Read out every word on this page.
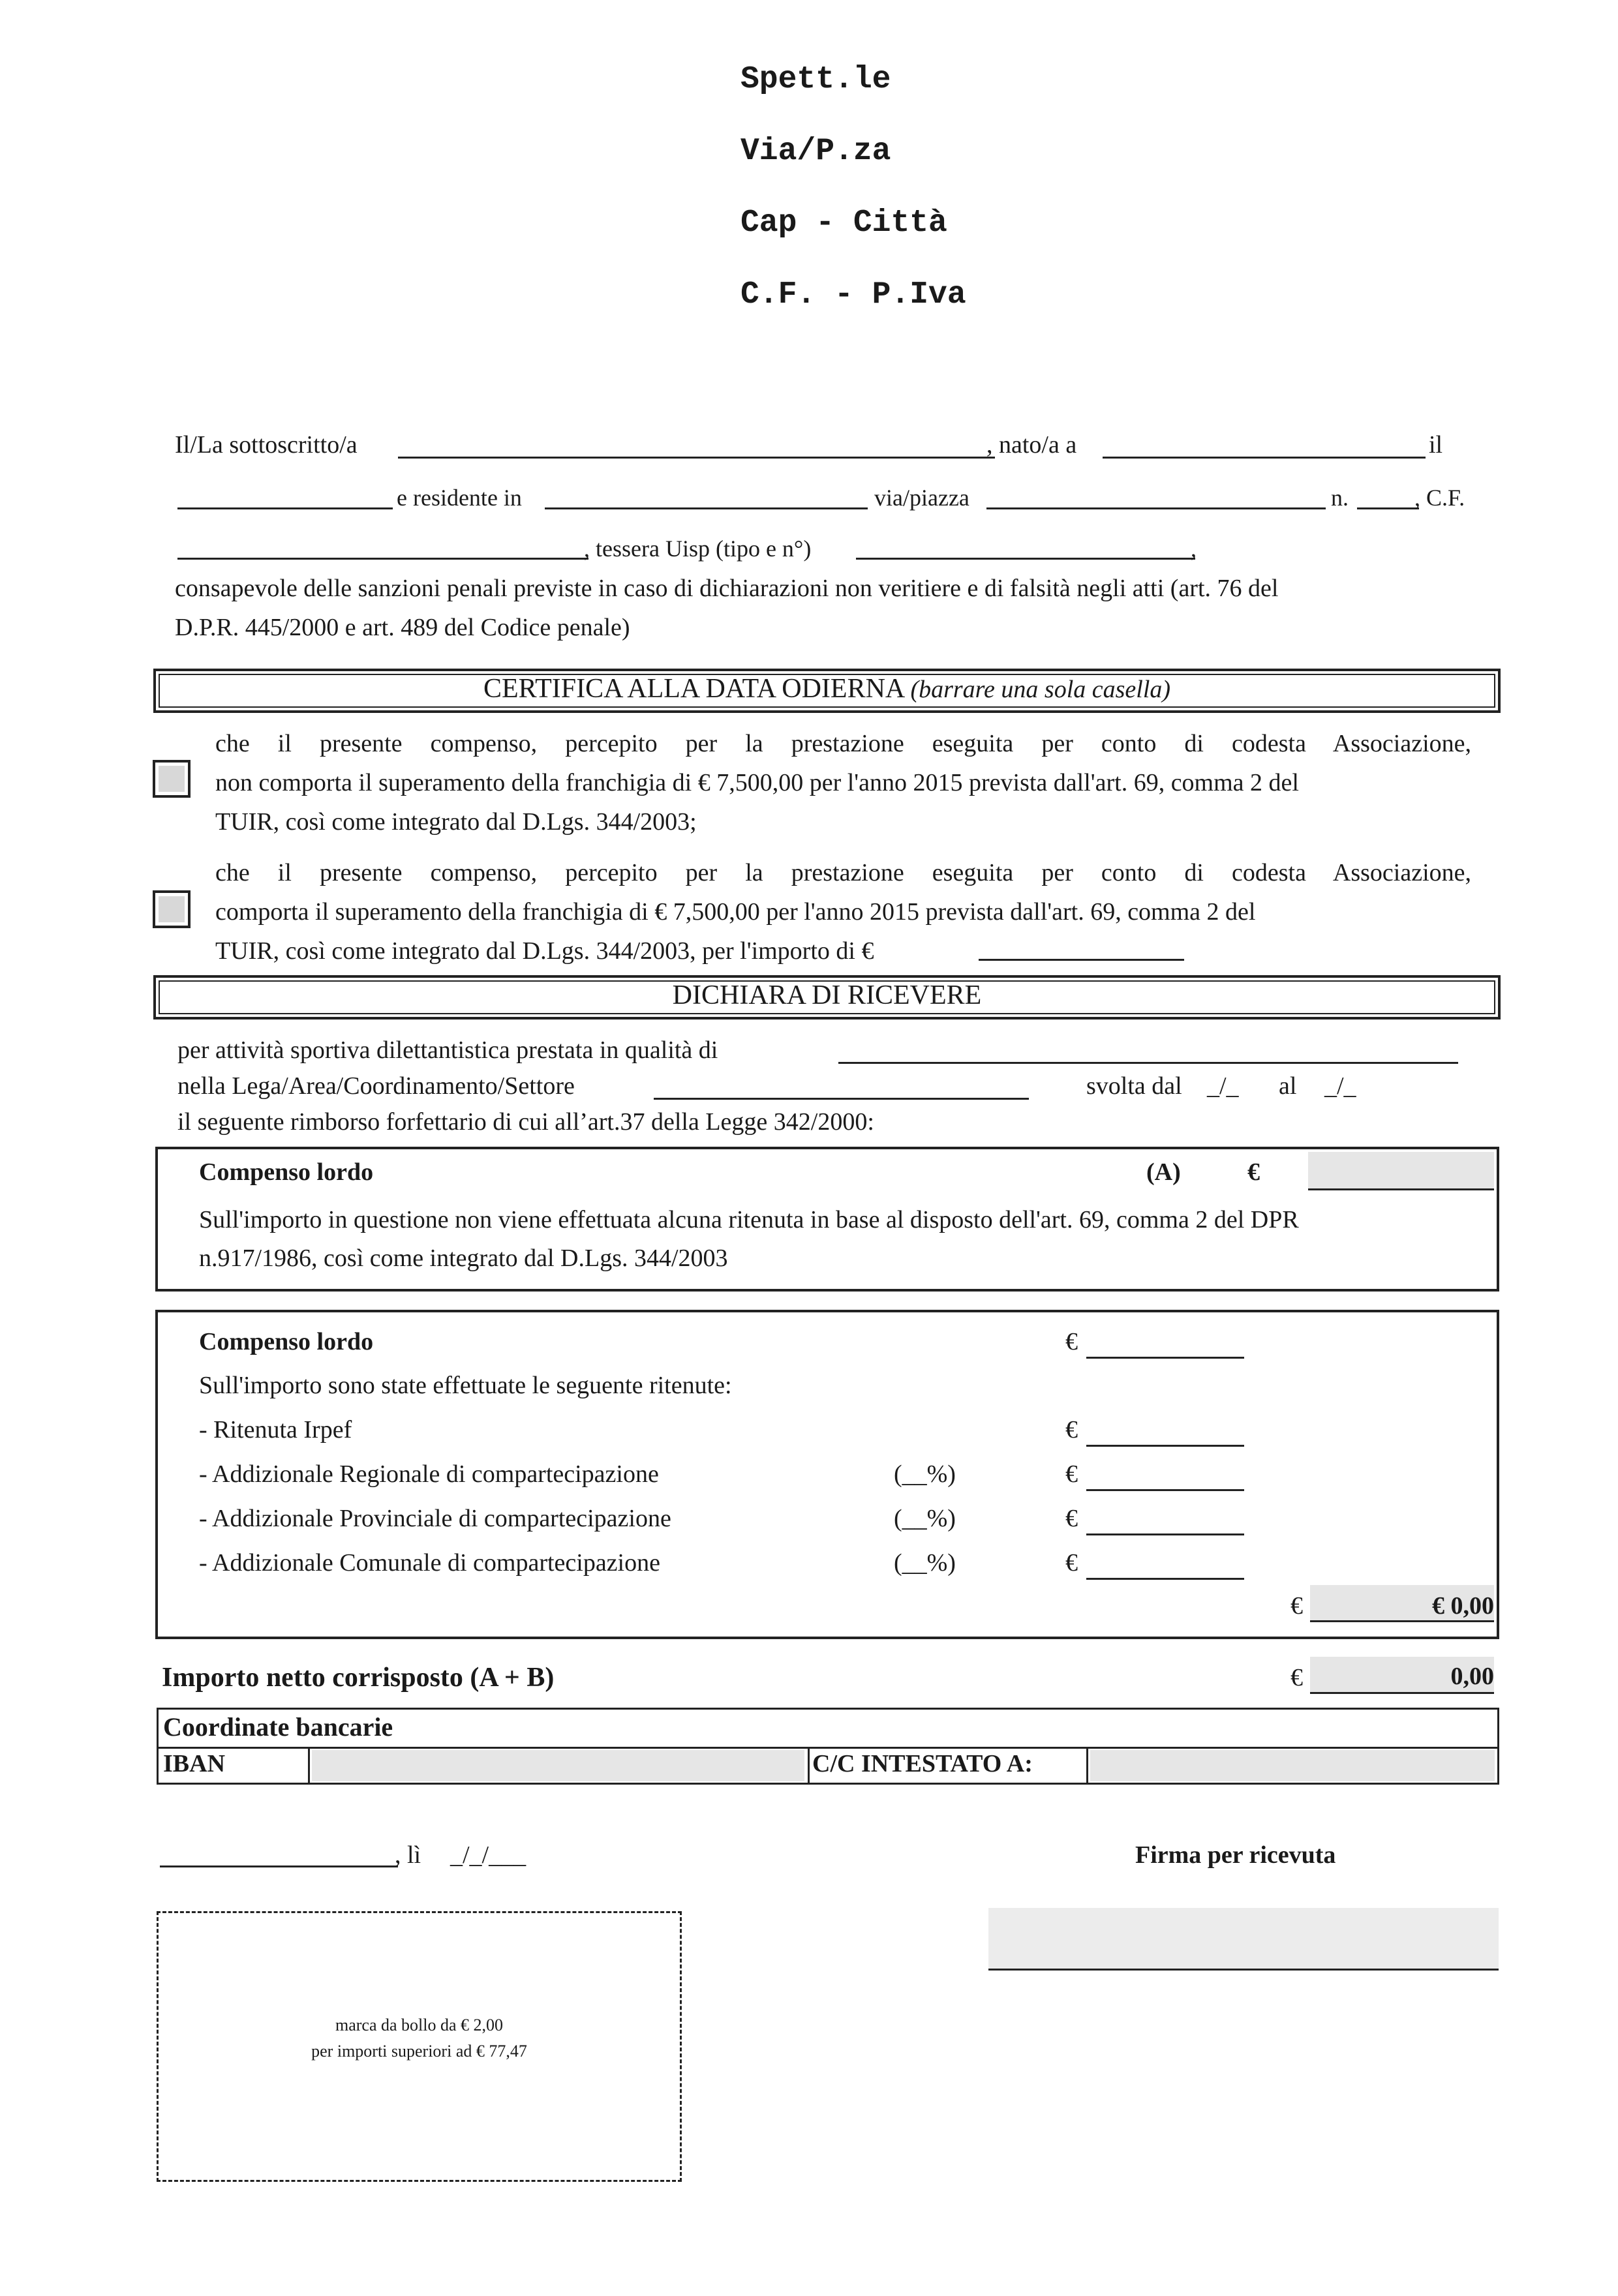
Spett.le
Via/P.za
Cap - Città
C.F. - P.Iva
Il/La sottoscritto/a	, nato/a a	il
e residente in	via/piazza	n.	, C.F.
, tessera Uisp (tipo e n°)	,
consapevole delle sanzioni penali previste in caso di dichiarazioni non veritiere e di falsità negli atti (art. 76 del
D.P.R. 445/2000 e art. 489 del Codice penale)
CERTIFICA ALLA DATA ODIERNA (barrare una sola casella)
che il presente compenso, percepito per la prestazione eseguita per conto di codesta Associazione,
non comporta il superamento della franchigia di € 7,500,00 per l'anno 2015 prevista dall'art. 69, comma 2 del
TUIR, così come integrato dal D.Lgs. 344/2003;
che il presente compenso, percepito per la prestazione eseguita per conto di codesta Associazione,
comporta il superamento della franchigia di € 7,500,00 per l'anno 2015 prevista dall'art. 69, comma 2 del
TUIR, così come integrato dal D.Lgs. 344/2003, per l'importo di €
DICHIARA DI RICEVERE
per attività sportiva dilettantistica prestata in qualità di
nella Lega/Area/Coordinamento/Settore	svolta dal _/_ al _/_
il seguente rimborso forfettario di cui all’art.37 della Legge 342/2000:
Compenso lordo	(A)	€
Sull'importo in questione non viene effettuata alcuna ritenuta in base al disposto dell'art. 69, comma 2 del DPR
n.917/1986, così come integrato dal D.Lgs. 344/2003
Compenso lordo	€
Sull'importo sono state effettuate le seguente ritenute:
- Ritenuta Irpef	€
- Addizionale Regionale di compartecipazione	(__%)	€
- Addizionale Provinciale di compartecipazione	(__%)	€
- Addizionale Comunale di compartecipazione	(__%)	€
€	€ 0,00
Importo netto corrisposto (A + B)	€	0,00
Coordinate bancarie
IBAN	C/C INTESTATO A:
, lì _/_/___	Firma per ricevuta
marca da bollo da € 2,00
per importi superiori ad € 77,47
